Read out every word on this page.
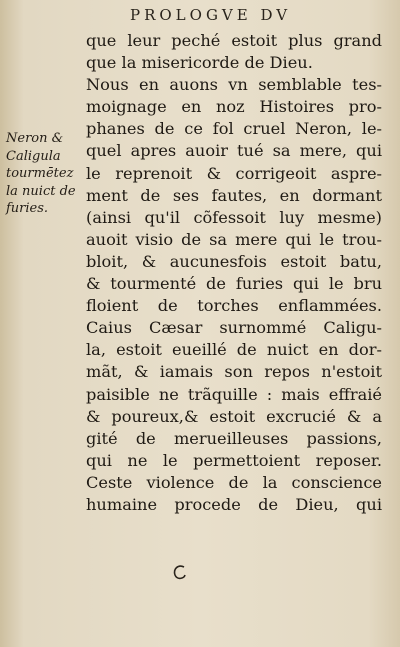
PROLOGVE DV
Neron &
Caligula
tourmētez
la nuict de
furies.
que leur peché estoit plus grand
que la misericorde de Dieu.
Nous en auons vn semblable tes-
moignage en noz Histoires pro-
phanes de ce fol cruel Neron, le-
quel apres auoir tué sa mere, qui
le reprenoit & corrigeoit aspre-
ment de ses fautes, en dormant
(ainsi qu'il cõfessoit luy mesme)
auoit visio de sa mere qui le trou-
bloit, & aucunesfois estoit batu,
& tourmenté de furies qui le bru
floient de torches enflammées.
Caius Cæsar surnommé Caligu-
la, estoit eueillé de nuict en dor-
mãt, & iamais son repos n'estoit
paisible ne trãquille : mais effraié
& poureux,& estoit excrucié & a
gité de merueilleuses passions,
qui ne le permettoient reposer.
Ceste violence de la conscience
humaine procede de Dieu, qui
